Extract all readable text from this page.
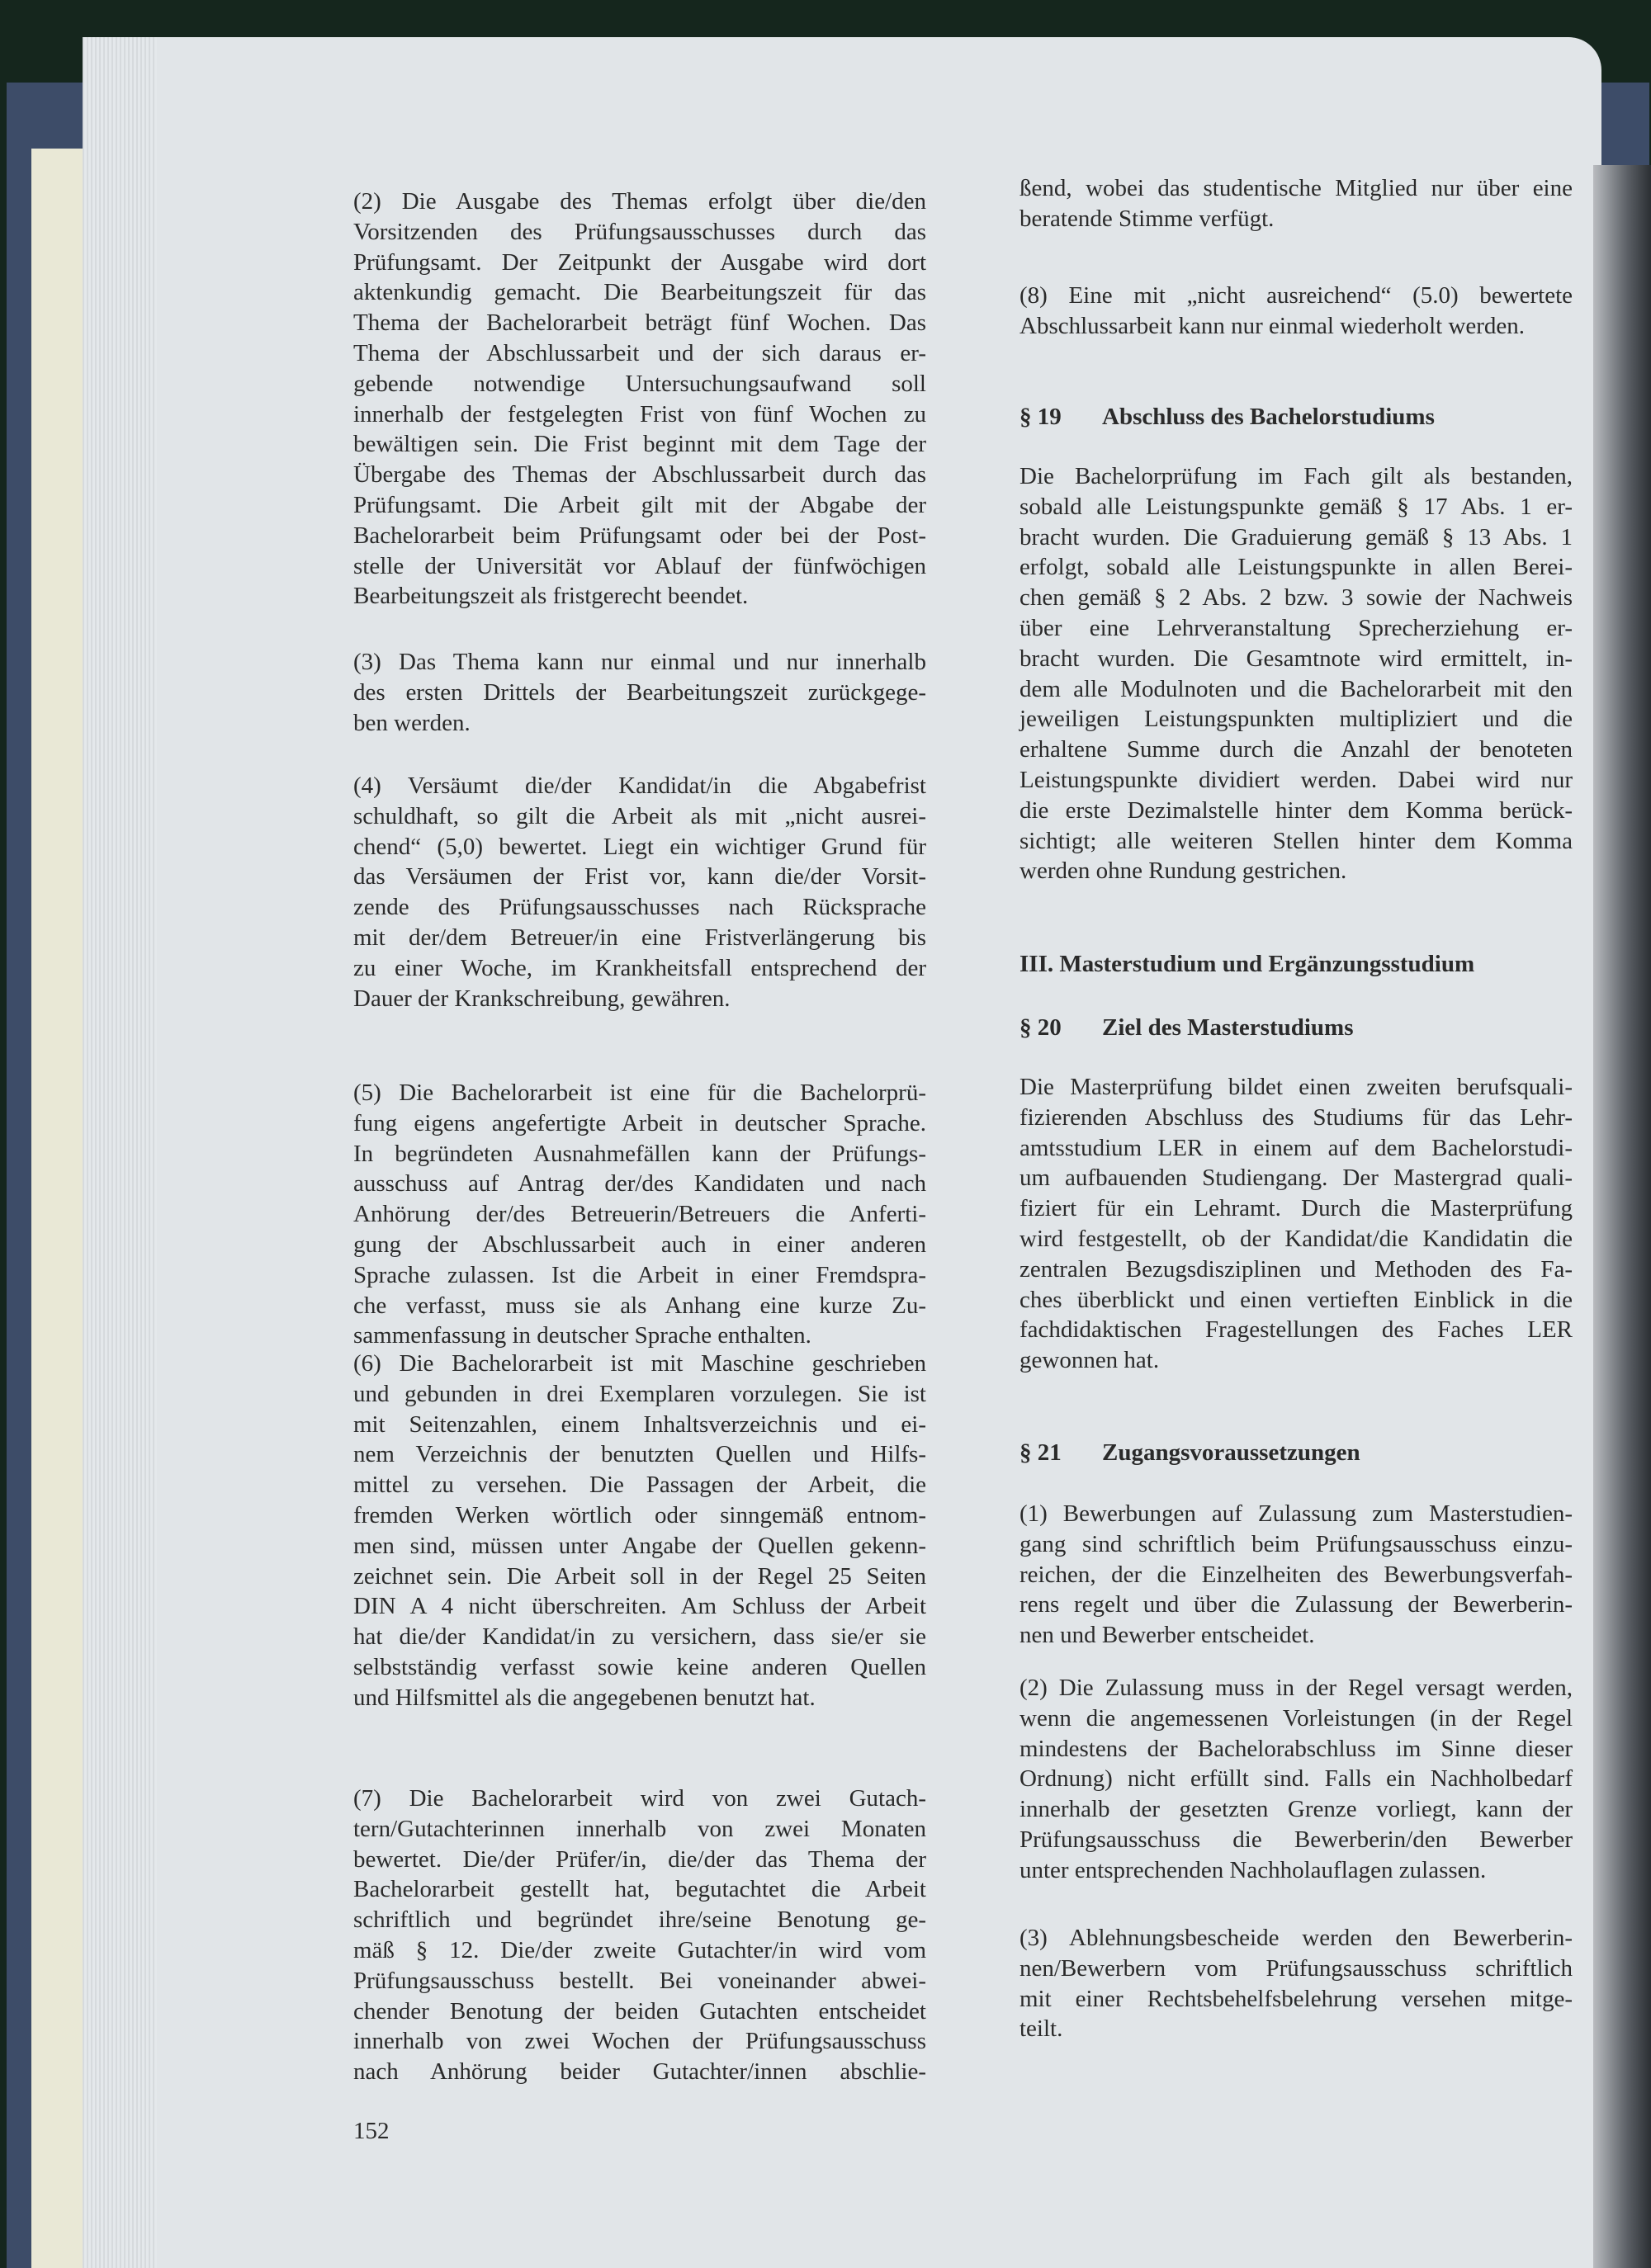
(2) Die Ausgabe des Themas erfolgt über die/den
Vorsitzenden des Prüfungsausschusses durch das
Prüfungsamt. Der Zeitpunkt der Ausgabe wird dort
aktenkundig gemacht. Die Bearbeitungszeit für das
Thema der Bachelorarbeit beträgt fünf Wochen. Das
Thema der Abschlussarbeit und der sich daraus er-
gebende notwendige Untersuchungsaufwand soll
innerhalb der festgelegten Frist von fünf Wochen zu
bewältigen sein. Die Frist beginnt mit dem Tage der
Übergabe des Themas der Abschlussarbeit durch das
Prüfungsamt. Die Arbeit gilt mit der Abgabe der
Bachelorarbeit beim Prüfungsamt oder bei der Post-
stelle der Universität vor Ablauf der fünfwöchigen
Bearbeitungszeit als fristgerecht beendet.
(3) Das Thema kann nur einmal und nur innerhalb
des ersten Drittels der Bearbeitungszeit zurückgege-
ben werden.
(4) Versäumt die/der Kandidat/in die Abgabefrist
schuldhaft, so gilt die Arbeit als mit „nicht ausrei-
chend“ (5,0) bewertet. Liegt ein wichtiger Grund für
das Versäumen der Frist vor, kann die/der Vorsit-
zende des Prüfungsausschusses nach Rücksprache
mit der/dem Betreuer/in eine Fristverlängerung bis
zu einer Woche, im Krankheitsfall entsprechend der
Dauer der Krankschreibung, gewähren.
(5) Die Bachelorarbeit ist eine für die Bachelorprü-
fung eigens angefertigte Arbeit in deutscher Sprache.
In begründeten Ausnahmefällen kann der Prüfungs-
ausschuss auf Antrag der/des Kandidaten und nach
Anhörung der/des Betreuerin/Betreuers die Anferti-
gung der Abschlussarbeit auch in einer anderen
Sprache zulassen. Ist die Arbeit in einer Fremdspra-
che verfasst, muss sie als Anhang eine kurze Zu-
sammenfassung in deutscher Sprache enthalten.
(6) Die Bachelorarbeit ist mit Maschine geschrieben
und gebunden in drei Exemplaren vorzulegen. Sie ist
mit Seitenzahlen, einem Inhaltsverzeichnis und ei-
nem Verzeichnis der benutzten Quellen und Hilfs-
mittel zu versehen. Die Passagen der Arbeit, die
fremden Werken wörtlich oder sinngemäß entnom-
men sind, müssen unter Angabe der Quellen gekenn-
zeichnet sein. Die Arbeit soll in der Regel 25 Seiten
DIN A 4 nicht überschreiten. Am Schluss der Arbeit
hat die/der Kandidat/in zu versichern, dass sie/er sie
selbstständig verfasst sowie keine anderen Quellen
und Hilfsmittel als die angegebenen benutzt hat.
(7) Die Bachelorarbeit wird von zwei Gutach-
tern/Gutachterinnen innerhalb von zwei Monaten
bewertet. Die/der Prüfer/in, die/der das Thema der
Bachelorarbeit gestellt hat, begutachtet die Arbeit
schriftlich und begründet ihre/seine Benotung ge-
mäß § 12. Die/der zweite Gutachter/in wird vom
Prüfungsausschuss bestellt. Bei voneinander abwei-
chender Benotung der beiden Gutachten entscheidet
innerhalb von zwei Wochen der Prüfungsausschuss
nach Anhörung beider Gutachter/innen abschlie-
ßend, wobei das studentische Mitglied nur über eine
beratende Stimme verfügt.
(8) Eine mit „nicht ausreichend“ (5.0) bewertete
Abschlussarbeit kann nur einmal wiederholt werden.
§ 19 Abschluss des Bachelorstudiums
Die Bachelorprüfung im Fach gilt als bestanden,
sobald alle Leistungspunkte gemäß § 17 Abs. 1 er-
bracht wurden. Die Graduierung gemäß § 13 Abs. 1
erfolgt, sobald alle Leistungspunkte in allen Berei-
chen gemäß § 2 Abs. 2 bzw. 3 sowie der Nachweis
über eine Lehrveranstaltung Sprecherziehung er-
bracht wurden. Die Gesamtnote wird ermittelt, in-
dem alle Modulnoten und die Bachelorarbeit mit den
jeweiligen Leistungspunkten multipliziert und die
erhaltene Summe durch die Anzahl der benoteten
Leistungspunkte dividiert werden. Dabei wird nur
die erste Dezimalstelle hinter dem Komma berück-
sichtigt; alle weiteren Stellen hinter dem Komma
werden ohne Rundung gestrichen.
III. Masterstudium und Ergänzungsstudium
§ 20 Ziel des Masterstudiums
Die Masterprüfung bildet einen zweiten berufsquali-
fizierenden Abschluss des Studiums für das Lehr-
amtsstudium LER in einem auf dem Bachelorstudi-
um aufbauenden Studiengang. Der Mastergrad quali-
fiziert für ein Lehramt. Durch die Masterprüfung
wird festgestellt, ob der Kandidat/die Kandidatin die
zentralen Bezugsdisziplinen und Methoden des Fa-
ches überblickt und einen vertieften Einblick in die
fachdidaktischen Fragestellungen des Faches LER
gewonnen hat.
§ 21 Zugangsvoraussetzungen
(1) Bewerbungen auf Zulassung zum Masterstudien-
gang sind schriftlich beim Prüfungsausschuss einzu-
reichen, der die Einzelheiten des Bewerbungsverfah-
rens regelt und über die Zulassung der Bewerberin-
nen und Bewerber entscheidet.
(2) Die Zulassung muss in der Regel versagt werden,
wenn die angemessenen Vorleistungen (in der Regel
mindestens der Bachelorabschluss im Sinne dieser
Ordnung) nicht erfüllt sind. Falls ein Nachholbedarf
innerhalb der gesetzten Grenze vorliegt, kann der
Prüfungsausschuss die Bewerberin/den Bewerber
unter entsprechenden Nachholauflagen zulassen.
(3) Ablehnungsbescheide werden den Bewerberin-
nen/Bewerbern vom Prüfungsausschuss schriftlich
mit einer Rechtsbehelfsbelehrung versehen mitge-
teilt.
152
